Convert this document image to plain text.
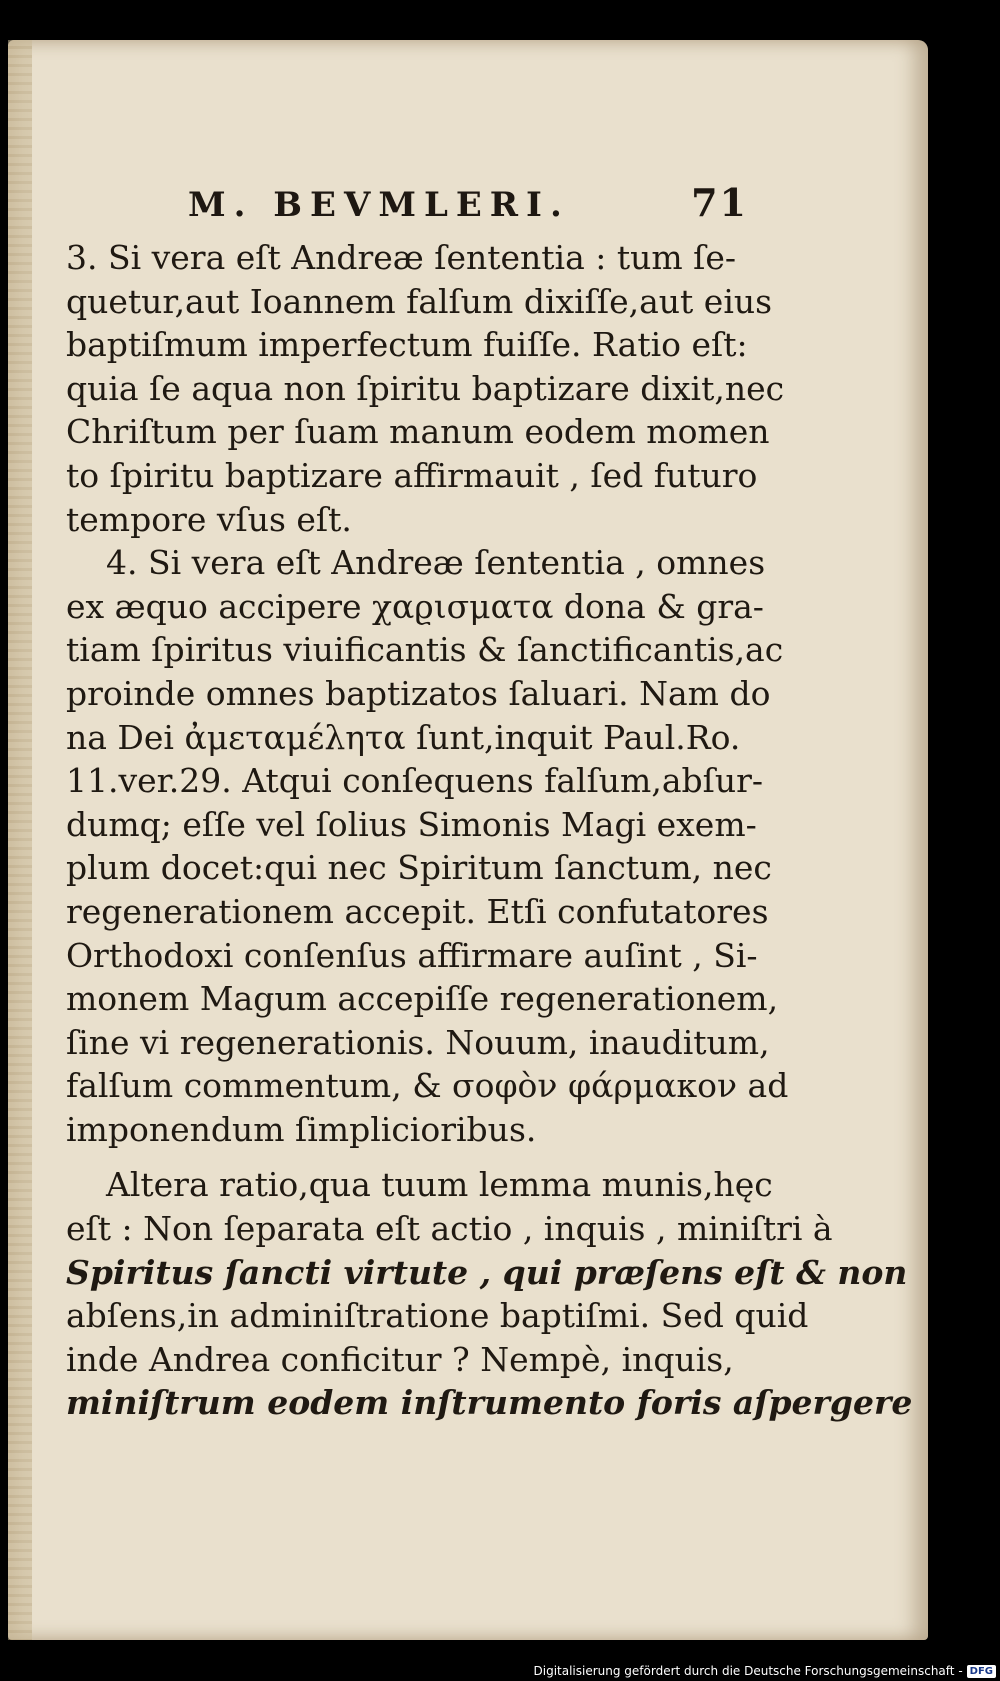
M. BEVMLERI.	71
3. Si vera eſt Andreæ ſententia : tum ſe-
quetur,aut Ioannem falſum dixiſſe,aut eius
baptiſmum imperfectum fuiſſe. Ratio eſt:
quia ſe aqua non ſpiritu baptizare dixit,nec
Chriſtum per ſuam manum eodem momen
to ſpiritu baptizare affirmauit , ſed futuro
tempore vſus eſt.
4. Si vera eſt Andreæ ſententia , omnes
ex æquo accipere χαϱισματα dona & gra-
tiam ſpiritus viuificantis & ſanctificantis,ac
proinde omnes baptizatos ſaluari. Nam do
na Dei ἀμεταμέλητα ſunt,inquit Paul.Ro.
11.ver.29. Atqui conſequens falſum,abſur-
dumq; eſſe vel ſolius Simonis Magi exem-
plum docet:qui nec Spiritum ſanctum, nec
regenerationem accepit. Etſi confutatores
Orthodoxi conſenſus affirmare auſint , Si-
monem Magum accepiſſe regenerationem,
ſine vi regenerationis. Nouum, inauditum,
falſum commentum, & σοφὸν φάρμακον ad
imponendum ſimplicioribus.
Altera ratio,qua tuum lemma munis,hęc
eſt : Non ſeparata eſt actio , inquis , miniſtri à
Spiritus ſancti virtute , qui præſens eſt & non
abſens,in adminiſtratione baptiſmi. Sed quid
inde Andrea conficitur ? Nempè, inquis,
miniſtrum eodem inſtrumento foris aſpergere
Digitalisierung gefördert durch die Deutsche Forschungsgemeinschaft - DFG
